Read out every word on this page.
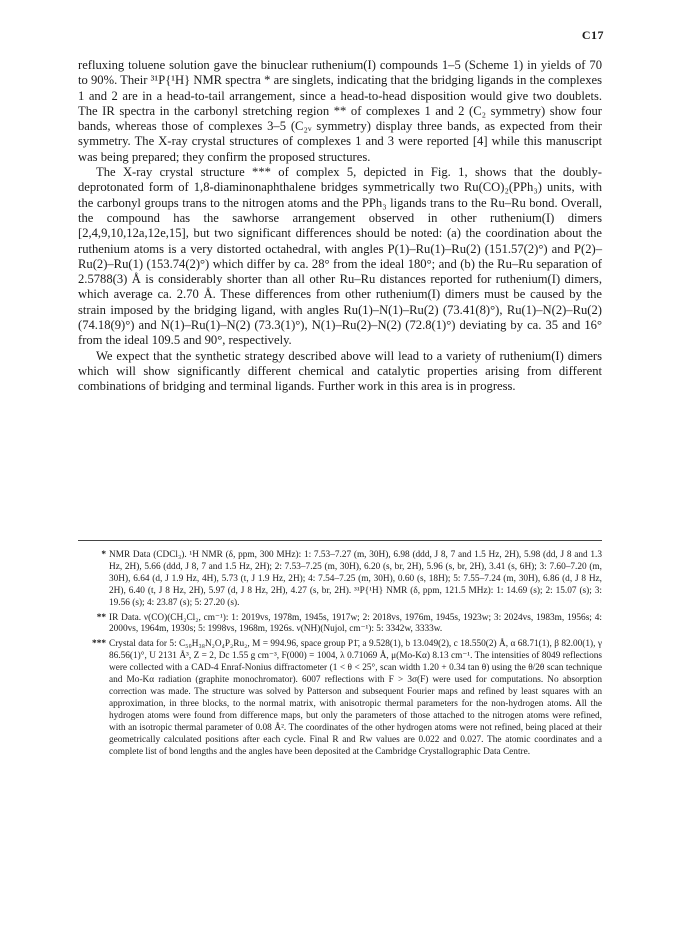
C17

refluxing toluene solution gave the binuclear ruthenium(I) compounds 1–5 (Scheme 1) in yields of 70 to 90%. Their ³¹P{¹H} NMR spectra * are singlets, indicating that the bridging ligands in the complexes 1 and 2 are in a head-to-tail arrangement, since a head-to-head disposition would give two doublets. The IR spectra in the carbonyl stretching region ** of complexes 1 and 2 (C₂ symmetry) show four bands, whereas those of complexes 3–5 (C₂ᵥ symmetry) display three bands, as expected from their symmetry. The X-ray crystal structures of complexes 1 and 3 were reported [4] while this manuscript was being prepared; they confirm the proposed structures.

The X-ray crystal structure *** of complex 5, depicted in Fig. 1, shows that the doubly-deprotonated form of 1,8-diaminonaphthalene bridges symmetrically two Ru(CO)₂(PPh₃) units, with the carbonyl groups trans to the nitrogen atoms and the PPh₃ ligands trans to the Ru–Ru bond. Overall, the compound has the sawhorse arrangement observed in other ruthenium(I) dimers [2,4,9,10,12a,12e,15], but two significant differences should be noted: (a) the coordination about the ruthenium atoms is a very distorted octahedral, with angles P(1)–Ru(1)–Ru(2) (151.57(2)°) and P(2)–Ru(2)–Ru(1) (153.74(2)°) which differ by ca. 28° from the ideal 180°; and (b) the Ru–Ru separation of 2.5788(3) Å is considerably shorter than all other Ru–Ru distances reported for ruthenium(I) dimers, which average ca. 2.70 Å. These differences from other ruthenium(I) dimers must be caused by the strain imposed by the bridging ligand, with angles Ru(1)–N(1)–Ru(2) (73.41(8)°), Ru(1)–N(2)–Ru(2) (74.18(9)°) and N(1)–Ru(1)–N(2) (73.3(1)°), N(1)–Ru(2)–N(2) (72.8(1)°) deviating by ca. 35 and 16° from the ideal 109.5 and 90°, respectively.

We expect that the synthetic strategy described above will lead to a variety of ruthenium(I) dimers which will show significantly different chemical and catalytic properties arising from different combinations of bridging and terminal ligands. Further work in this area is in progress.

* NMR Data (CDCl₃). ¹H NMR (δ, ppm, 300 MHz): 1: 7.53–7.27 (m, 30H), 6.98 (ddd, J 8, 7 and 1.5 Hz, 2H), 5.98 (dd, J 8 and 1.3 Hz, 2H), 5.66 (ddd, J 8, 7 and 1.5 Hz, 2H); 2: 7.53–7.25 (m, 30H), 6.20 (s, br, 2H), 5.96 (s, br, 2H), 3.41 (s, 6H); 3: 7.60–7.20 (m, 30H), 6.64 (d, J 1.9 Hz, 4H), 5.73 (t, J 1.9 Hz, 2H); 4: 7.54–7.25 (m, 30H), 0.60 (s, 18H); 5: 7.55–7.24 (m, 30H), 6.86 (d, J 8 Hz, 2H), 6.40 (t, J 8 Hz, 2H), 5.97 (d, J 8 Hz, 2H), 4.27 (s, br, 2H). ³¹P{¹H} NMR (δ, ppm, 121.5 MHz): 1: 14.69 (s); 2: 15.07 (s); 3: 19.56 (s); 4: 23.87 (s); 5: 27.20 (s).
** IR Data. ν(CO)(CH₂Cl₂, cm⁻¹): 1: 2019vs, 1978m, 1945s, 1917w; 2: 2018vs, 1976m, 1945s, 1923w; 3: 2024vs, 1983m, 1956s; 4: 2000vs, 1964m, 1930s; 5: 1998vs, 1968m, 1926s. ν(NH)(Nujol, cm⁻¹): 5: 3342w, 3333w.
*** Crystal data for 5: C₅₀H₃₈N₂O₄P₂Ru₂, M = 994.96, space group P1̄, a 9.528(1), b 13.049(2), c 18.550(2) Å, α 68.71(1), β 82.00(1), γ 86.56(1)°, U 2131 Å³, Z = 2, Dc 1.55 g cm⁻³, F(000) = 1004, λ 0.71069 Å, μ(Mo-Kα) 8.13 cm⁻¹. The intensities of 8049 reflections were collected with a CAD-4 Enraf-Nonius diffractometer (1 < θ < 25°, scan width 1.20 + 0.34 tan θ) using the θ/2θ scan technique and Mo-Kα radiation (graphite monochromator). 6007 reflections with F > 3σ(F) were used for computations. No absorption correction was made. The structure was solved by Patterson and subsequent Fourier maps and refined by least squares with an approximation, in three blocks, to the normal matrix, with anisotropic thermal parameters for the non-hydrogen atoms. All the hydrogen atoms were found from difference maps, but only the parameters of those attached to the nitrogen atoms were refined, with an isotropic thermal parameter of 0.08 Å². The coordinates of the other hydrogen atoms were not refined, being placed at their geometrically calculated positions after each cycle. Final R and Rw values are 0.022 and 0.027. The atomic coordinates and a complete list of bond lengths and the angles have been deposited at the Cambridge Crystallographic Data Centre.
